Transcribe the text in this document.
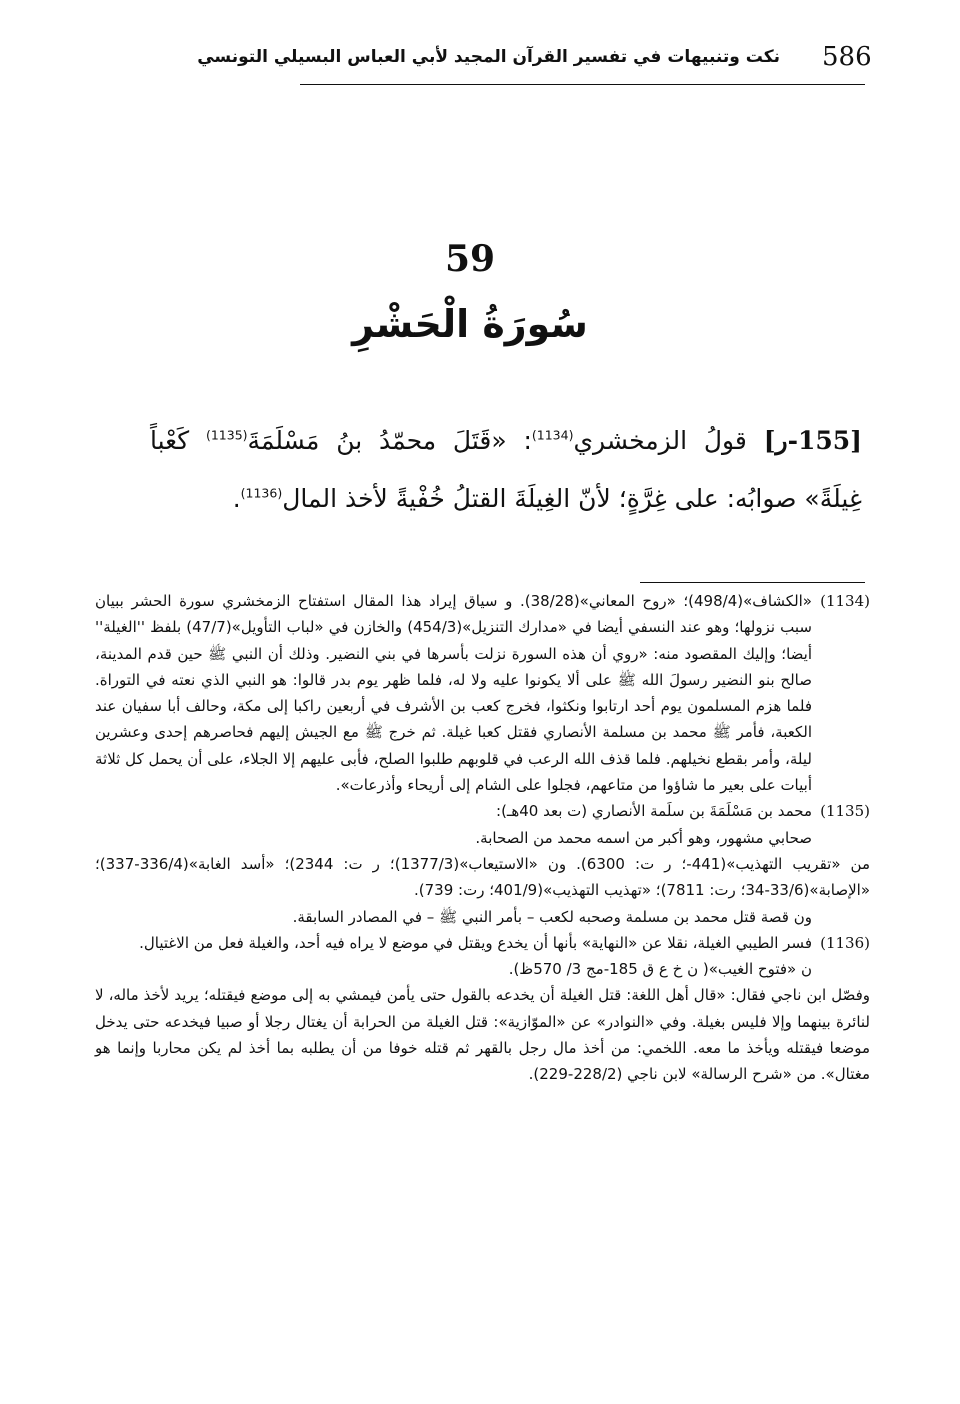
586
نكت وتنبيهات في تفسير القرآن المجيد لأبي العباس البسيلي التونسي
59
سُورَةُ الْحَشْرِ
[155-ر] قولُ الزمخشري$^{(1134)}$: «قَتَلَ محمّدُ بنُ مَسْلَمَةَ$^{(1135)}$ كَعْباً غِيلَةً» صوابُه: على غِرَّةٍ؛ لأنّ الغِيلَةَ القتلُ خُفْيةً لأخذ المال$^{(1136)}$.
(1134)
«الكشاف»(498/4)؛ «روح المعاني»(38/28). و سياق إيراد هذا المقال استفتاح الزمخشري سورة الحشر ببيان سبب نزولها؛ وهو عند النسفي أيضا في «مدارك التنزيل»(454/3) والخازن في «لباب التأويل»(47/7) بلفظ ''الغيلة'' أيضا؛ وإليك المقصود منه: «روي أن هذه السورة نزلت بأسرها في بني النضير. وذلك أن النبي ﷺ حين قدم المدينة، صالح بنو النضير رسولَ الله ﷺ على ألا يكونوا عليه ولا له، فلما ظهر يوم بدر قالوا: هو النبي الذي نعته في التوراة. فلما هزم المسلمون يوم أحد ارتابوا ونكثوا، فخرج كعب بن الأشرف في أربعين راكبا إلى مكة، وحالف أبا سفيان عند الكعبة، فأمر ﷺ محمد بن مسلمة الأنصاري فقتل كعبا غيلة. ثم خرج ﷺ مع الجيش إليهم فحاصرهم إحدى وعشرين ليلة، وأمر بقطع نخيلهم. فلما قذف الله الرعب في قلوبهم طلبوا الصلح، فأبى عليهم إلا الجلاء، على أن يحمل كل ثلاثة أبيات على بعير ما شاؤوا من متاعهم، فجلوا على الشام إلى أريحاء وأذرعات».
(1135)
محمد بن مَسْلَمَةَ بن سلَمة الأنصاري (ت بعد 40هـ):
صحابي مشهور، وهو أكبر من اسمه محمد من الصحابة.
من «تقريب التهذيب»(441-؛ ر ت: 6300). ون «الاستيعاب»(1377/3)؛ ر ت: 2344)؛ «أسد الغابة»(336/4-337)؛ «الإصابة»(33/6-34؛ رت: 7811)؛ «تهذيب التهذيب»(401/9؛ رت: 739).
ون قصة قتل محمد بن مسلمة وصحبه لكعب – بأمر النبي ﷺ – في المصادر السابقة.
(1136)
فسر الطيبي الغيلة، نقلا عن «النهاية» بأنها أن يخدع ويقتل في موضع لا يراه فيه أحد، والغيلة فعل من الاغتيال.
ن «فتوح الغيب»( ن خ ع ق 185-مج 3/ 570ظ).
وفصّل ابن ناجي فقال: «قال أهل اللغة: قتل الغيلة أن يخدعه بالقول حتى يأمن فيمشي به إلى موضع فيقتله؛ يريد لأخذ ماله، لا لنائرة بينهما وإلا فليس بغيلة. وفي «النوادر» عن «الموّازية»: قتل الغيلة من الحرابة أن يغتال رجلا أو صبيا فيخدعه حتى يدخل موضعا فيقتله ويأخذ ما معه. اللخمي: من أخذ مال رجل بالقهر ثم قتله خوفا من أن يطلبه بما أخذ لم يكن محاربا وإنما هو مغتال». من «شرح الرسالة» لابن ناجي (228/2-229).
